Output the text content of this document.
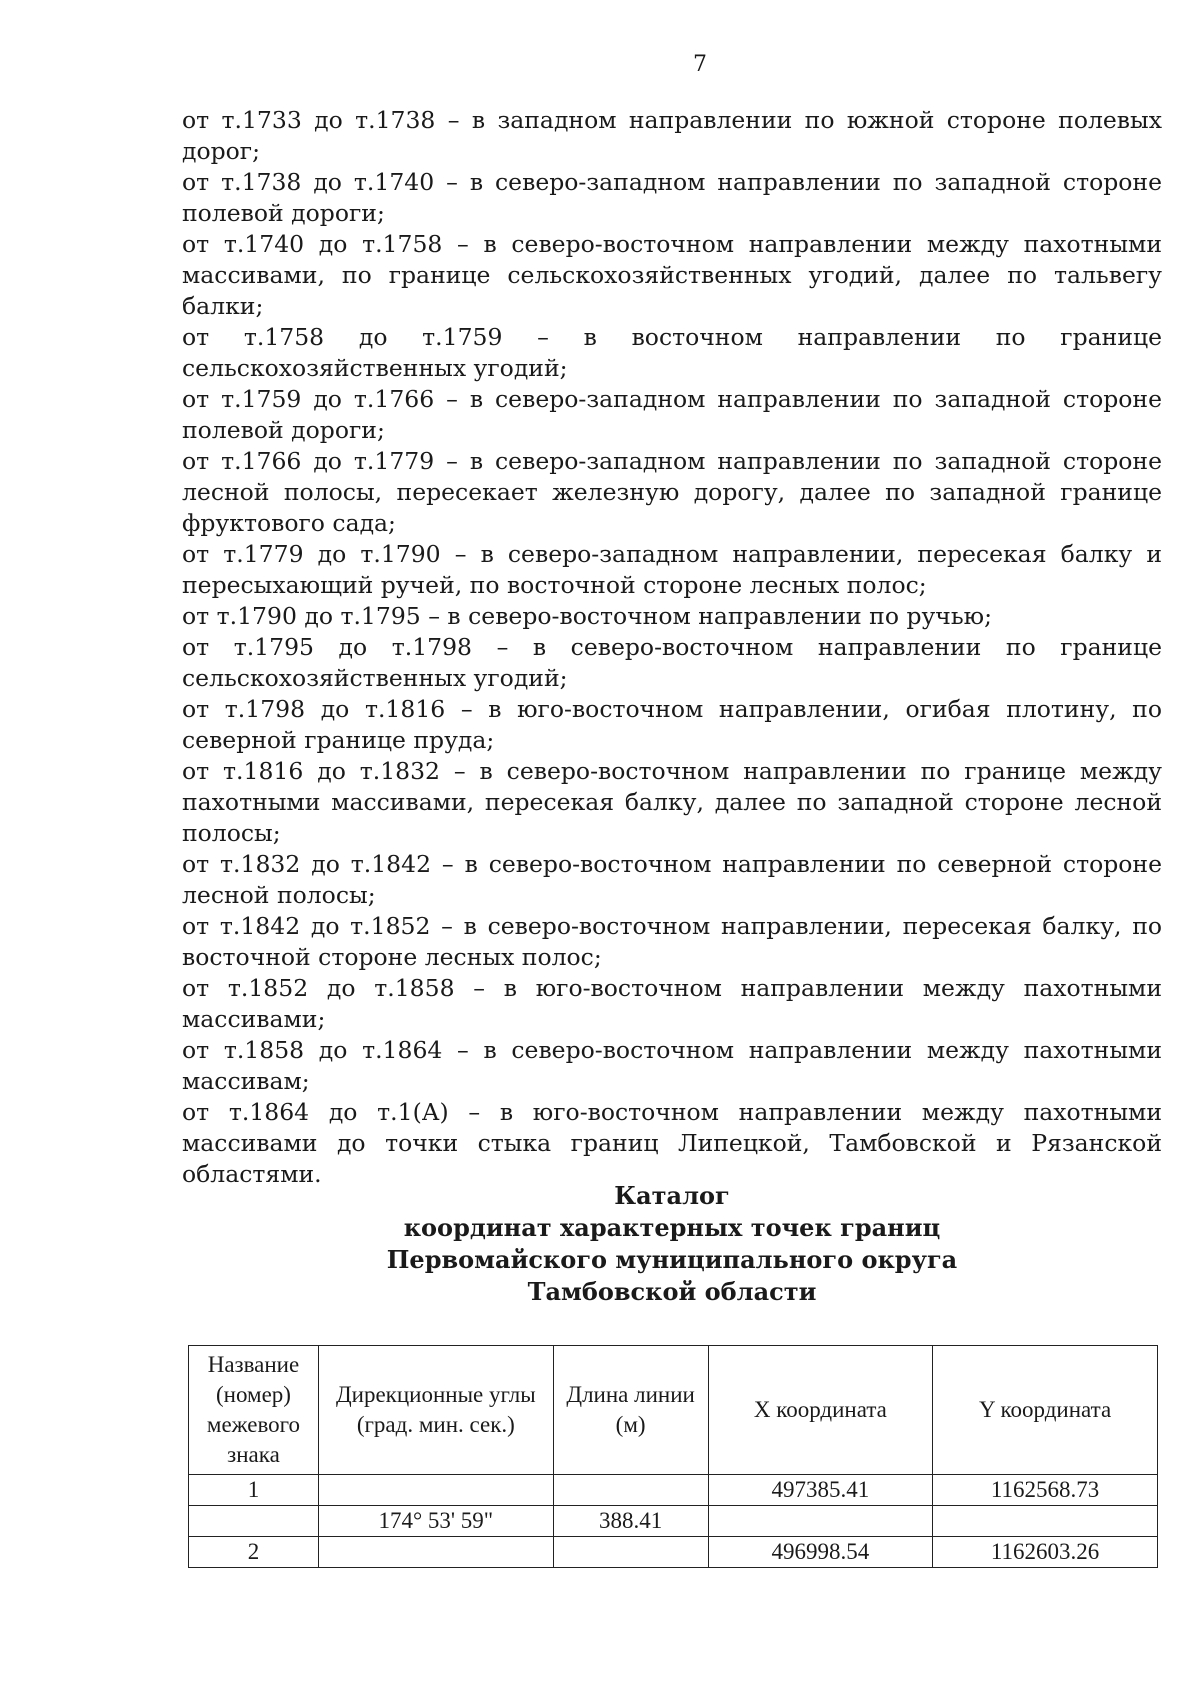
7

от т.1733 до т.1738 – в западном направлении по южной стороне полевых дорог;

от т.1738 до т.1740 – в северо-западном направлении по западной стороне полевой дороги;

от т.1740 до т.1758 – в северо-восточном направлении между пахотными массивами, по границе сельскохозяйственных угодий, далее по тальвегу балки;

от т.1758 до т.1759 – в восточном направлении по границе сельскохозяйственных угодий;

от т.1759 до т.1766 – в северо-западном направлении по западной стороне полевой дороги;

от т.1766 до т.1779 – в северо-западном направлении по западной стороне лесной полосы, пересекает железную дорогу, далее по западной границе фруктового сада;

от т.1779 до т.1790 – в северо-западном направлении, пересекая балку и пересыхающий ручей, по восточной стороне лесных полос;

от т.1790 до т.1795 – в северо-восточном направлении по ручью;

от т.1795 до т.1798 – в северо-восточном направлении по границе сельскохозяйственных угодий;

от т.1798 до т.1816 – в юго-восточном направлении, огибая плотину, по северной границе пруда;

от т.1816 до т.1832 – в северо-восточном направлении по границе между пахотными массивами, пересекая балку, далее по западной стороне лесной полосы;

от т.1832 до т.1842 – в северо-восточном направлении по северной стороне лесной полосы;

от т.1842 до т.1852 – в северо-восточном направлении, пересекая балку, по восточной стороне лесных полос;

от т.1852 до т.1858 – в юго-восточном направлении между пахотными массивами;

от т.1858 до т.1864 – в северо-восточном направлении между пахотными массивам;

от т.1864 до т.1(А) – в юго-восточном направлении между пахотными массивами до точки стыка границ Липецкой, Тамбовской и Рязанской областями.

Каталог
координат характерных точек границ
Первомайского муниципального округа
Тамбовской области
Название (номер) межевого знака	Дирекционные углы (град. мин. сек.)	Длина линии (м)	X координата	Y координата
1			497385.41	1162568.73
	174° 53' 59"	388.41		
2			496998.54	1162603.26
